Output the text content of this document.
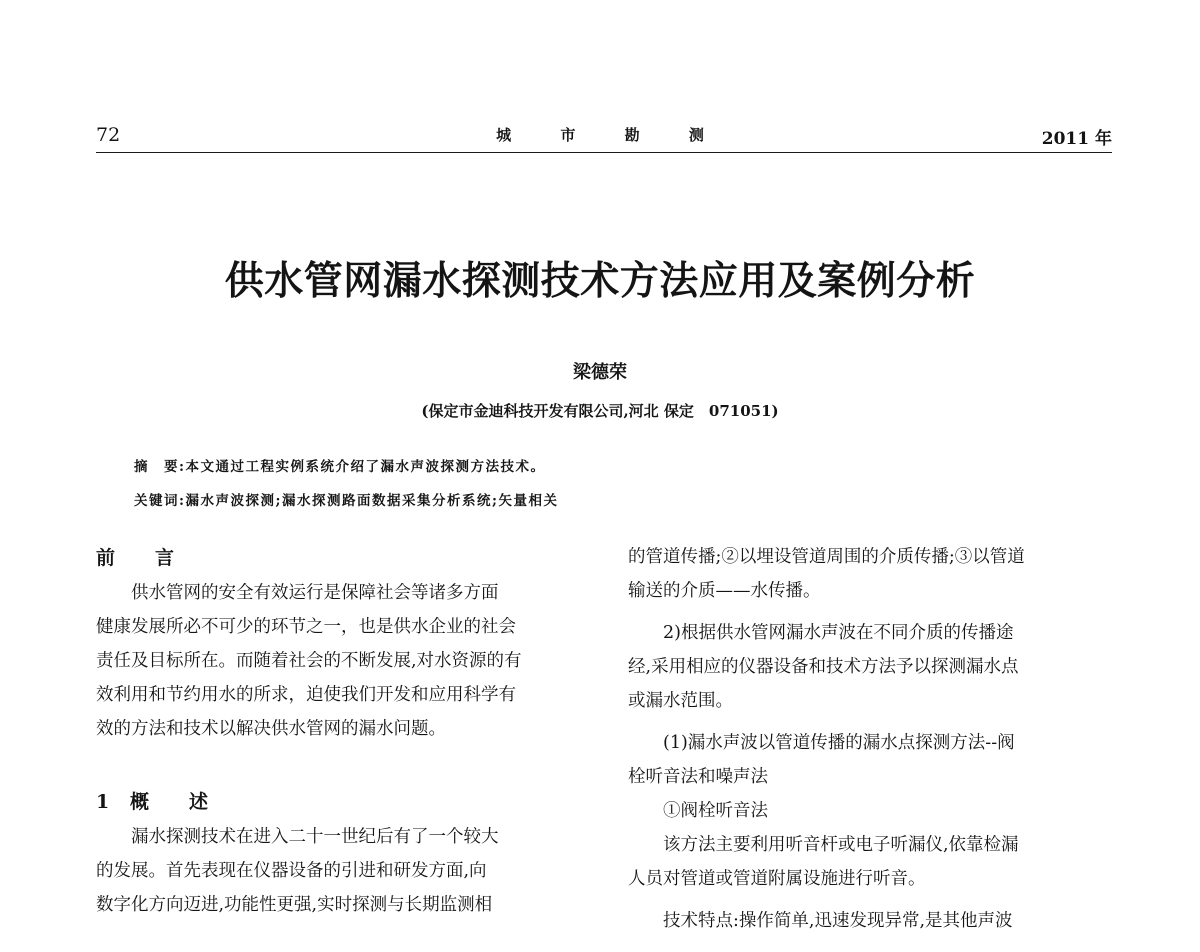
72	城 市 勘 测	2011 年
供水管网漏水探测技术方法应用及案例分析
梁德荣
(保定市金迪科技开发有限公司,河北 保定　071051)
摘　要:本文通过工程实例系统介绍了漏水声波探测方法技术。
关键词:漏水声波探测;漏水探测路面数据采集分析系统;矢量相关
前 言
供水管网的安全有效运行是保障社会等诸多方面
健康发展所必不可少的环节之一，也是供水企业的社会
责任及目标所在。而随着社会的不断发展,对水资源的有
效利用和节约用水的所求，迫使我们开发和应用科学有
效的方法和技术以解决供水管网的漏水问题。
1 概 述
漏水探测技术在进入二十一世纪后有了一个较大
的发展。首先表现在仪器设备的引进和研发方面,向
数字化方向迈进,功能性更强,实时探测与长期监测相
的管道传播;②以埋设管道周围的介质传播;③以管道
输送的介质——水传播。
2)根据供水管网漏水声波在不同介质的传播途
经,采用相应的仪器设备和技术方法予以探测漏水点
或漏水范围。
(1)漏水声波以管道传播的漏水点探测方法--阀
栓听音法和噪声法
①阀栓听音法
该方法主要利用听音杆或电子听漏仪,依靠检漏
人员对管道或管道附属设施进行听音。
技术特点:操作简单,迅速发现异常,是其他声波
